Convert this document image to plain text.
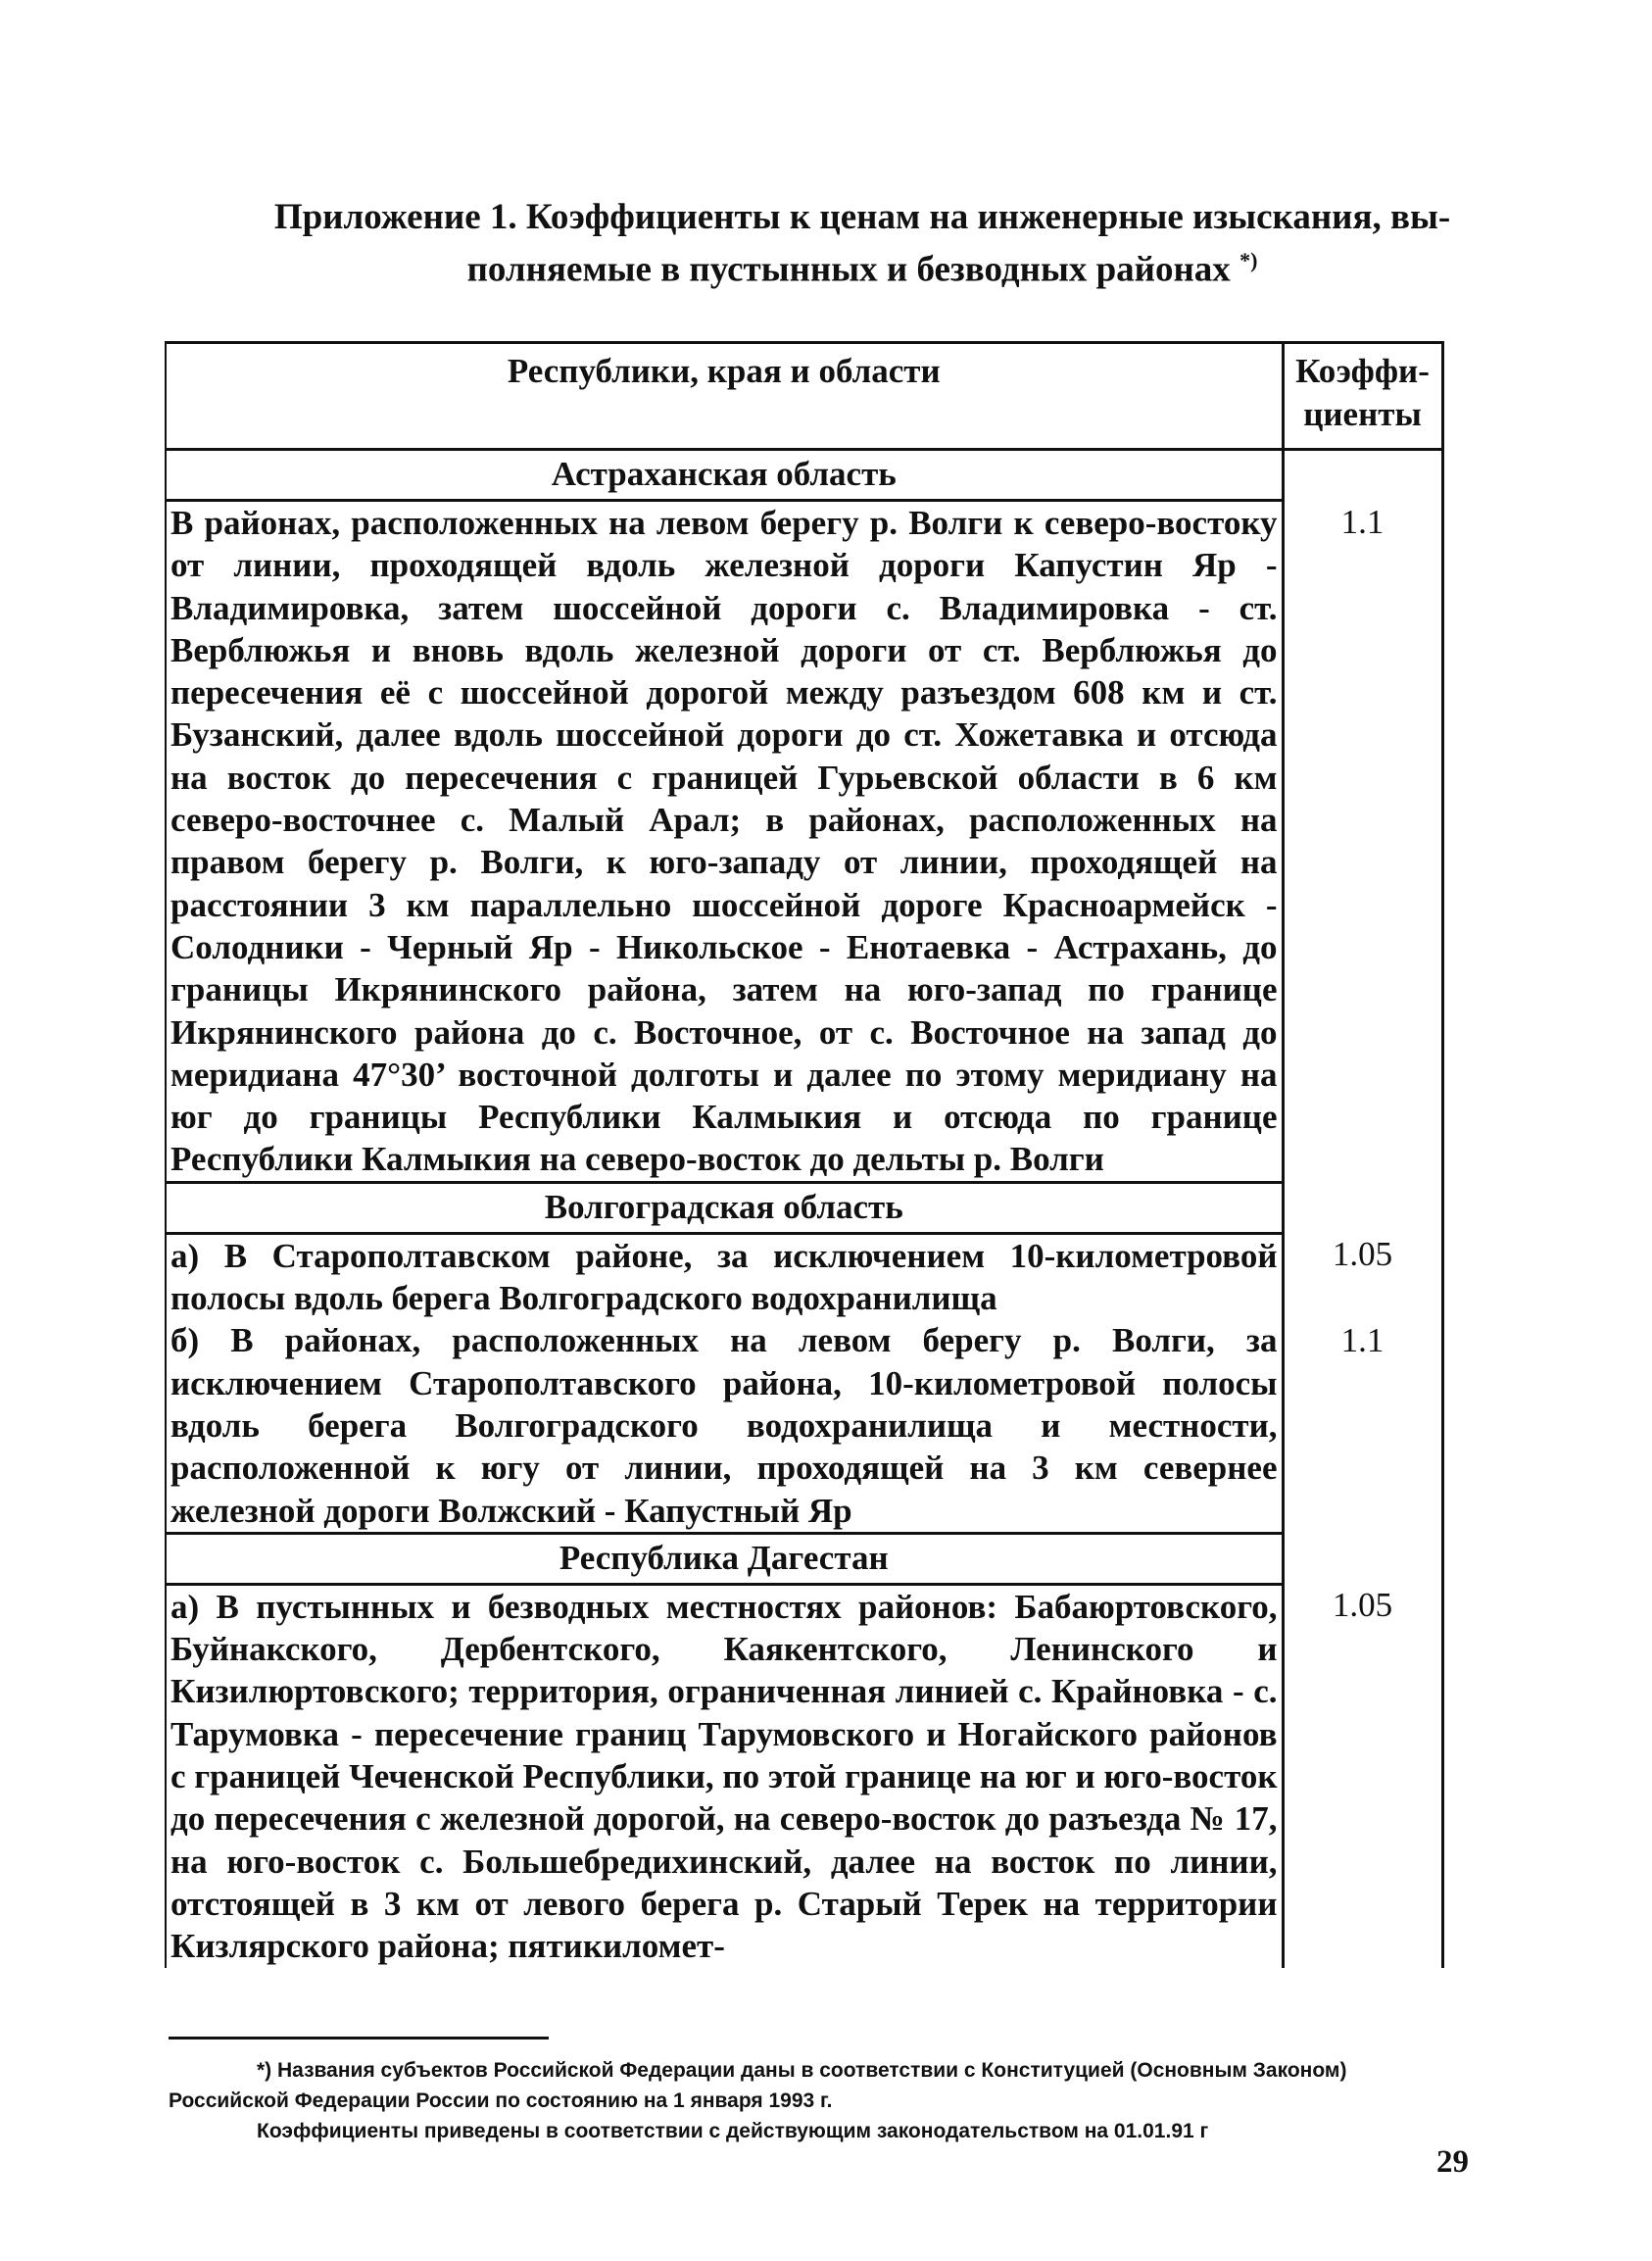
Приложение 1. Коэффициенты к ценам на инженерные изыскания, вы-
полняемые в пустынных и безводных районах *)
Республики, края и области	Коэффи-
циенты
Астраханская область	
В районах, расположенных на левом берегу р. Волги к северо-востоку от линии, проходящей вдоль железной дороги Капустин Яр - Владимировка, затем шоссейной дороги с. Владимировка - ст. Верблюжья и вновь вдоль железной дороги от ст. Верблюжья до пересечения её с шоссейной дорогой между разъездом 608 км и ст. Бузанский, далее вдоль шоссейной дороги до ст. Хожетавка и отсюда на восток до пересечения с границей Гурьевской области в 6 км северо-восточнее с. Малый Арал; в районах, расположенных на правом берегу р. Волги, к юго-западу от линии, проходящей на расстоянии 3 км параллельно шоссейной дороге Красноармейск - Солодники - Черный Яр - Никольское - Енотаевка - Астрахань, до границы Икрянинского района, затем на юго-запад по границе Икрянинского района до с. Восточное, от с. Восточное на запад до меридиана 47°30’ восточной долготы и далее по этому меридиану на юг до границы Республики Калмыкия и отсюда по границе Республики Калмыкия на северо-восток до дельты р. Волги	1.1
Волгоградская область	
а) В Старополтавском районе, за исключением 10-километровой полосы вдоль берега Волгоградского водохранилища	1.05
б) В районах, расположенных на левом берегу р. Волги, за исключением Старополтавского района, 10-километровой полосы вдоль берега Волгоградского водохранилища и местности, расположенной к югу от линии, проходящей на 3 км севернее железной дороги Волжский - Капустный Яр	1.1
Республика Дагестан	
а) В пустынных и безводных местностях районов: Бабаюртовского, Буйнакского, Дербентского, Каякентского, Ленинского и Кизилюртовского; территория, ограниченная линией с. Крайновка - с. Тарумовка - пересечение границ Тарумовского и Ногайского районов с границей Чеченской Республики, по этой границе на юг и юго-восток до пересечения с железной дорогой, на северо-восток до разъезда № 17, на юго-восток с. Большебредихинский, далее на восток по линии, отстоящей в 3 км от левого берега р. Старый Терек на территории Кизлярского района; пятикиломет-	1.05
*) Названия субъектов Российской Федерации даны в соответствии с Конституцией (Основным Законом) Российской Федерации России по состоянию на 1 января 1993 г.
Коэффициенты приведены в соответствии с действующим законодательством на 01.01.91 г
29
